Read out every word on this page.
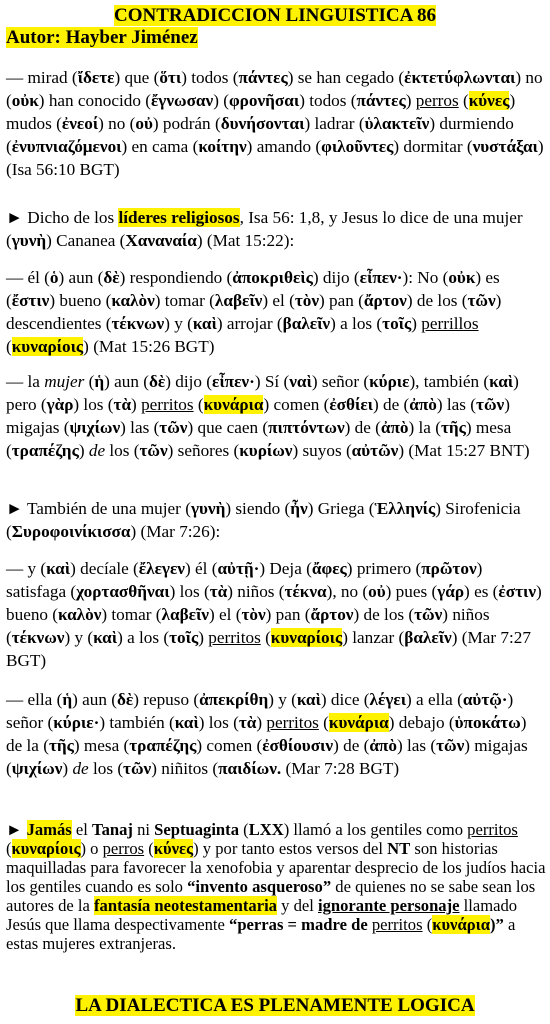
CONTRADICCION LINGUISTICA 86
Autor: Hayber Jiménez

— mirad (ἴδετε) que (ὅτι) todos (πάντες) se han cegado (ἐκτετύφλωνται) no (οὐκ) han conocido (ἔγνωσαν) (φρονῆσαι) todos (πάντες) perros (κύνες) mudos (ἐνεοί) no (οὐ) podrán (δυνήσονται) ladrar (ὑλακτεῖν) durmiendo (ἐνυπνιαζόμενοι) en cama (κοίτην) amando (φιλοῦντες) dormitar (νυστάξαι) (Isa 56:10 BGT)

► Dicho de los líderes religiosos, Isa 56: 1,8, y Jesus lo dice de una mujer (γυνὴ) Cananea (Χαναναία) (Mat 15:22):

— él (ὁ) aun (δὲ) respondiendo (ἀποκριθεὶς) dijo (εἶπεν·): No (οὐκ) es (ἔστιν) bueno (καλὸν) tomar (λαβεῖν) el (τὸν) pan (ἄρτον) de los (τῶν) descendientes (τέκνων) y (καὶ) arrojar (βαλεῖν) a los (τοῖς) perrillos (κυναρίοις) (Mat 15:26 BGT)

— la mujer (ἡ) aun (δὲ) dijo (εἶπεν·) Sí (ναὶ) señor (κύριε), también (καὶ) pero (γὰρ) los (τὰ) perritos (κυνάρια) comen (ἐσθίει) de (ἀπὸ) las (τῶν) migajas (ψιχίων) las (τῶν) que caen (πιπτόντων) de (ἀπὸ) la (τῆς) mesa (τραπέζης) de los (τῶν) señores (κυρίων) suyos (αὐτῶν) (Mat 15:27 BNT)

► También de una mujer (γυνὴ) siendo (ἦν) Griega (Ἑλληνίς) Sirofenicia (Συροφοινίκισσα) (Mar 7:26):

— y (καὶ) decíale (ἔλεγεν) él (αὐτῇ·) Deja (ἄφες) primero (πρῶτον) satisfaga (χορτασθῆναι) los (τὰ) niños (τέκνα), no (οὐ) pues (γάρ) es (ἐστιν) bueno (καλὸν) tomar (λαβεῖν) el (τὸν) pan (ἄρτον) de los (τῶν) niños (τέκνων) y (καὶ) a los (τοῖς) perritos (κυναρίοις) lanzar (βαλεῖν) (Mar 7:27 BGT)

— ella (ἡ) aun (δὲ) repuso (ἀπεκρίθη) y (καὶ) dice (λέγει) a ella (αὐτῷ·) señor (κύριε·) también (καὶ) los (τὰ) perritos (κυνάρια) debajo (ὑποκάτω) de la (τῆς) mesa (τραπέζης) comen (ἐσθίουσιν) de (ἀπὸ) las (τῶν) migajas (ψιχίων) de los (τῶν) niñitos (παιδίων. (Mar 7:28 BGT)

► Jamás el Tanaj ni Septuaginta (LXX) llamó a los gentiles como perritos (κυναρίοις) o perros (κύνες) y por tanto estos versos del NT son historias maquilladas para favorecer la xenofobia y aparentar desprecio de los judíos hacia los gentiles cuando es solo “invento asqueroso” de quienes no se sabe sean los autores de la fantasía neotestamentaria y del ignorante personaje llamado Jesús que llama despectivamente “perras = madre de perritos (κυνάρια)” a estas mujeres extranjeras.

LA DIALECTICA ES PLENAMENTE LOGICA
